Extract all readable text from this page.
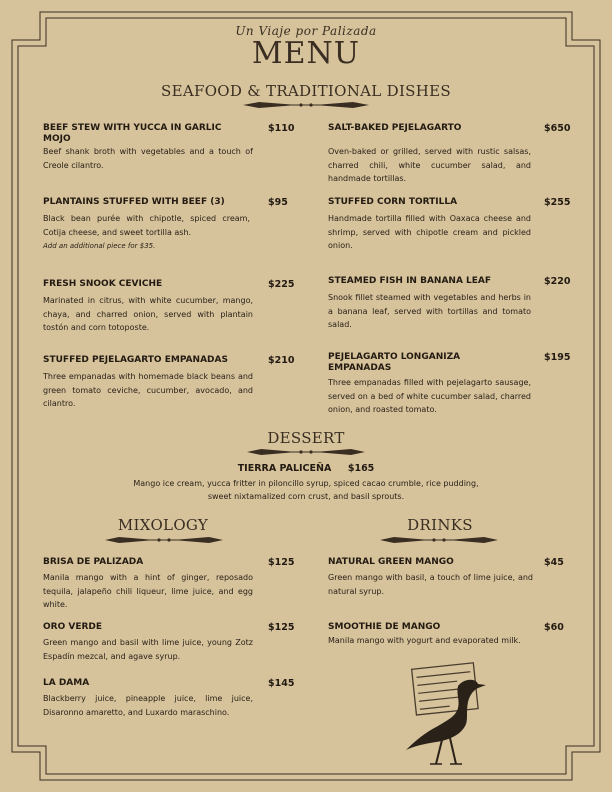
Un Viaje por Palizada
MENU
SEAFOOD & TRADITIONAL DISHES
BEEF STEW WITH YUCCA IN GARLIC MOJO
$110
Beef shank broth with vegetables and a touch of Creole cilantro.
PLANTAINS STUFFED WITH BEEF (3)	$95
Black bean purée with chipotle, spiced cream, Cotija cheese, and sweet tortilla ash.
Add an additional piece for $35.
FRESH SNOOK CEVICHE	$225
Marinated in citrus, with white cucumber, mango, chaya, and charred onion, served with plantain tostón and corn totoposte.
STUFFED PEJELAGARTO EMPANADAS	$210
Three empanadas with homemade black beans and green tomato ceviche, cucumber, avocado, and cilantro.
SALT-BAKED PEJELAGARTO	$650
Oven-baked or grilled, served with rustic salsas, charred chili, white cucumber salad, and handmade tortillas.
STUFFED CORN TORTILLA	$255
Handmade tortilla filled with Oaxaca cheese and shrimp, served with chipotle cream and pickled onion.
STEAMED FISH IN BANANA LEAF	$220
Snook fillet steamed with vegetables and herbs in a banana leaf, served with tortillas and tomato salad.
PEJELAGARTO LONGANIZA EMPANADAS
$195
Three empanadas filled with pejelagarto sausage, served on a bed of white cucumber salad, charred onion, and roasted tomato.
DESSERT
TIERRA PALICEÑA $165
Mango ice cream, yucca fritter in piloncillo syrup, spiced cacao crumble, rice pudding,
sweet nixtamalized corn crust, and basil sprouts.
MIXOLOGY
BRISA DE PALIZADA	$125
Manila mango with a hint of ginger, reposado tequila, jalapeño chili liqueur, lime juice, and egg white.
ORO VERDE	$125
Green mango and basil with lime juice, young Zotz Espadín mezcal, and agave syrup.
LA DAMA	$145
Blackberry juice, pineapple juice, lime juice, Disaronno amaretto, and Luxardo maraschino.
DRINKS
NATURAL GREEN MANGO	$45
Green mango with basil, a touch of lime juice, and natural syrup.
SMOOTHIE DE MANGO	$60
Manila mango with yogurt and evaporated milk.
